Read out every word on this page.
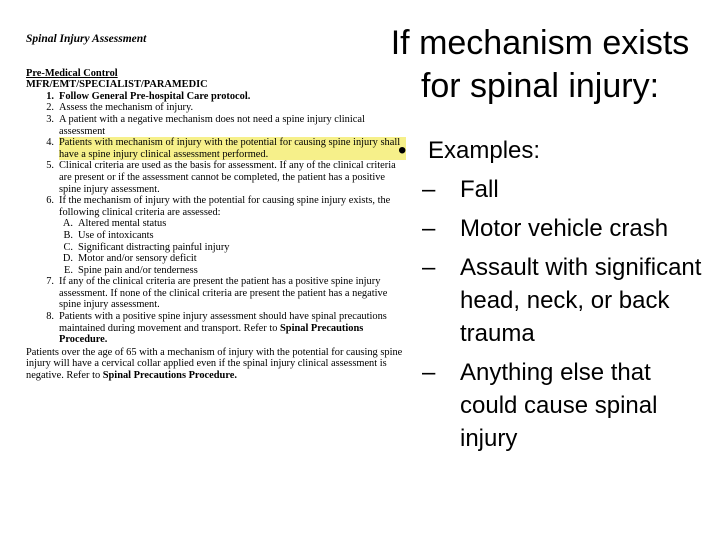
Spinal Injury Assessment
Pre-Medical Control
MFR/EMT/SPECIALIST/PARAMEDIC
1. Follow General Pre-hospital Care protocol.
2. Assess the mechanism of injury.
3. A patient with a negative mechanism does not need a spine injury clinical assessment
4. Patients with mechanism of injury with the potential for causing spine injury shall have a spine injury clinical assessment performed.
5. Clinical criteria are used as the basis for assessment. If any of the clinical criteria are present or if the assessment cannot be completed, the patient has a positive spine injury assessment.
6. If the mechanism of injury with the potential for causing spine injury exists, the following clinical criteria are assessed:
A. Altered mental status
B. Use of intoxicants
C. Significant distracting painful injury
D. Motor and/or sensory deficit
E. Spine pain and/or tenderness
7. If any of the clinical criteria are present the patient has a positive spine injury assessment. If none of the clinical criteria are present the patient has a negative spine injury assessment.
8. Patients with a positive spine injury assessment should have spinal precautions maintained during movement and transport. Refer to Spinal Precautions Procedure.
Patients over the age of 65 with a mechanism of injury with the potential for causing spine injury will have a cervical collar applied even if the spinal injury clinical assessment is negative. Refer to Spinal Precautions Procedure.
If mechanism exists for spinal injury:
• Examples:
–	Fall
–	Motor vehicle crash
–	Assault with significant head, neck, or back trauma
–	Anything else that could cause spinal injury
